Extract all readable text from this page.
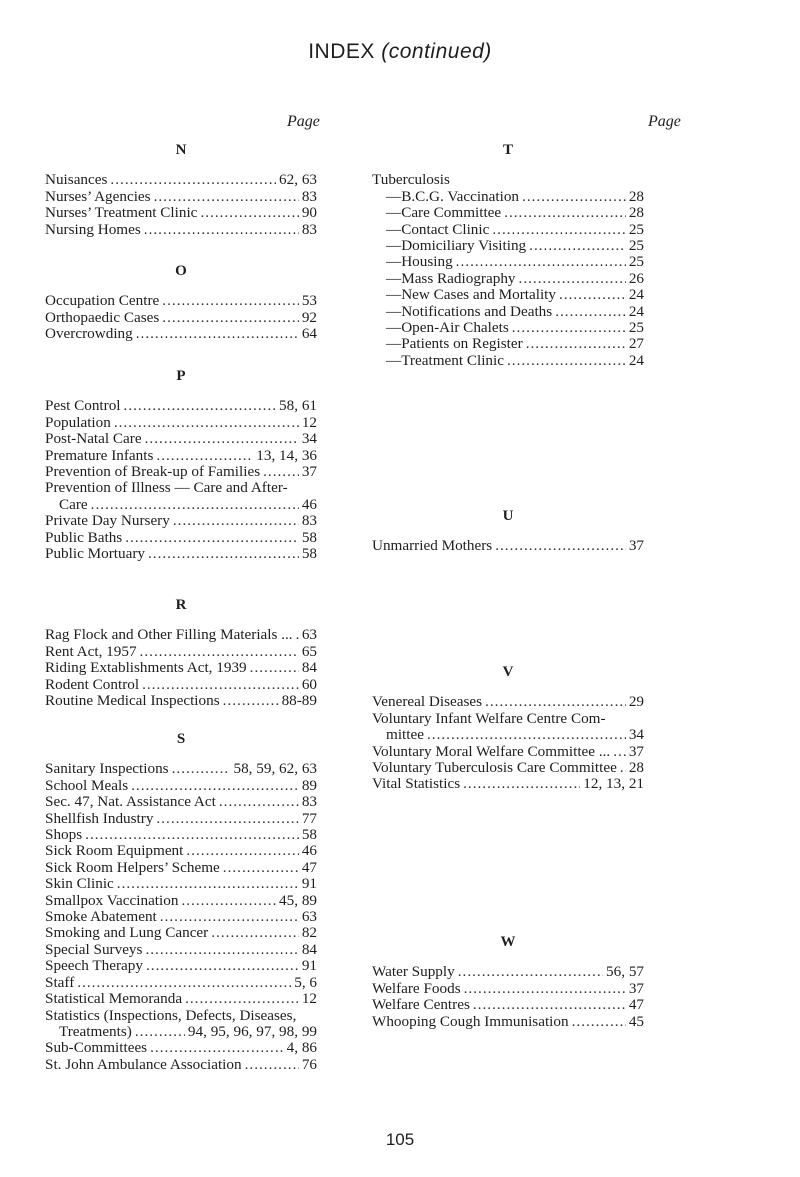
INDEX (continued)
Page	Page
N
Nuisances .....	62, 63
Nurses’ Agencies .....	83
Nurses’ Treatment Clinic .....	90
Nursing Homes .....	83
O
Occupation Centre .....	53
Orthopaedic Cases .....	92
Overcrowding .....	64
P
Pest Control .....	58, 61
Population .....	12
Post-Natal Care .....	34
Premature Infants .....	13, 14, 36
Prevention of Break-up of Families .....	37
Prevention of Illness — Care and After-
Care .....	46
Private Day Nursery .....	83
Public Baths .....	58
Public Mortuary .....	58
R
Rag Flock and Other Filling Materials ... ..... 63
Rent Act, 1957 .....	65
Riding Extablishments Act, 1939 .....	84
Rodent Control .....	60
Routine Medical Inspections .....	88-89
S
Sanitary Inspections .....	58, 59, 62, 63
School Meals .....	89
Sec. 47, Nat. Assistance Act .....	83
Shellfish Industry .....	77
Shops .....	58
Sick Room Equipment .....	46
Sick Room Helpers’ Scheme .....	47
Skin Clinic .....	91
Smallpox Vaccination .....	45, 89
Smoke Abatement .....	63
Smoking and Lung Cancer .....	82
Special Surveys .....	84
Speech Therapy .....	91
Staff .....	5, 6
Statistical Memoranda .....	12
Statistics (Inspections, Defects, Diseases,
Treatments) .....	94, 95, 96, 97, 98, 99
Sub-Committees .....	4, 86
St. John Ambulance Association .....	76
T
Tuberculosis
—B.C.G. Vaccination .....	28
—Care Committee .....	28
—Contact Clinic .....	25
—Domiciliary Visiting .....	25
—Housing .....	25
—Mass Radiography .....	26
—New Cases and Mortality .....	24
—Notifications and Deaths .....	24
—Open-Air Chalets .....	25
—Patients on Register .....	27
—Treatment Clinic .....	24
U
Unmarried Mothers .....	37
V
Venereal Diseases .....	29
Voluntary Infant Welfare Centre Com-
mittee .....	34
Voluntary Moral Welfare Committee ... ..... 37
Voluntary Tuberculosis Care Committee ..... 28
Vital Statistics .....	12, 13, 21
W
Water Supply .....	56, 57
Welfare Foods .....	37
Welfare Centres .....	47
Whooping Cough Immunisation .....	45
105
